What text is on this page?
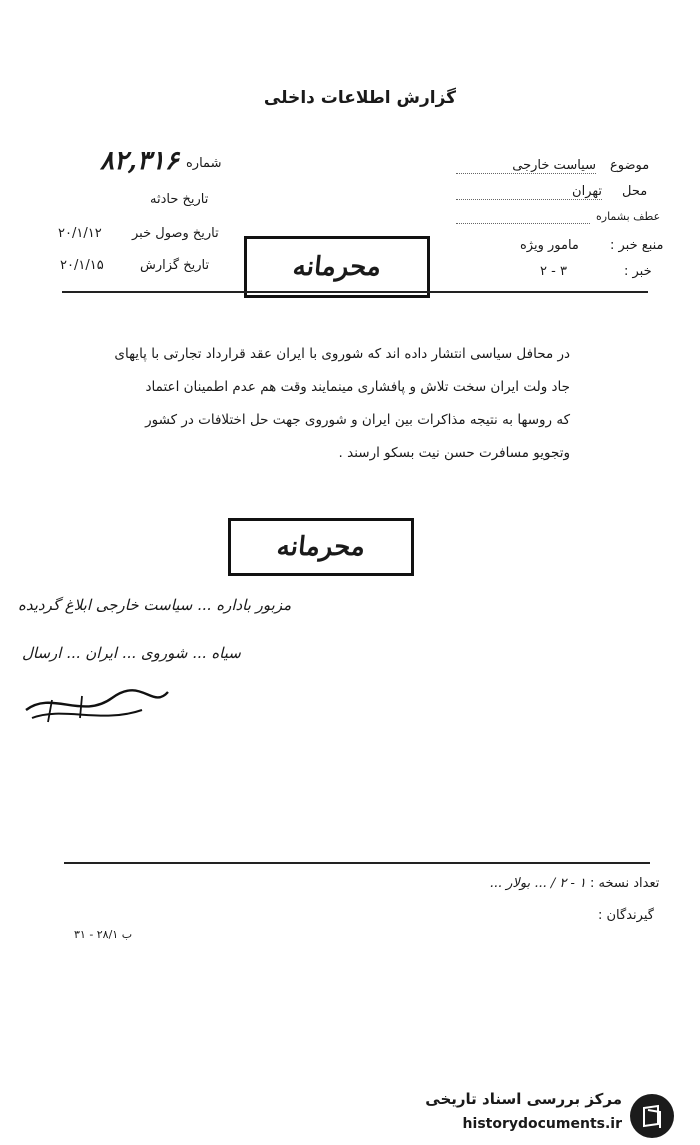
گزارش اطلاعات داخلی
۸۲,۳۱۶ شماره
تاریخ حادثه
۲۰/۱/۱۲ تاریخ وصول خبر
۲۰/۱/۱۵	تاریخ گزارش	محرمانه
موضوع
سیاست خارجی
محل
تهران
عطف بشماره
منبع خبر :
مامور ویژه
خبر :
۲ - ۳

در محافل سیاسی انتشار داده اند که شوروی با ایران عقد قرارداد تجارتی با پایهای

جاد ولت ایران سخت تلاش و پافشاری مینمایند وقت هم عدم اطمینان اعتماد

که روسها به نتیجه مذاکرات بین ایران و شوروی جهت حل اختلافات در کشور

وتجویو مسافرت حسن نیت بسکو ارسند .

محرمانه
مزبور باداره ... سیاست خارجی ابلاغ گردیده
سیاه ... شوروی ... ایران ... ارسال
تعداد نسخه :
۱ - ۲ / ... بولار ...
گیرندگان :
۳۱ - ۲۸/۱ ب
مرکز بررسی اسناد تاریخی
historydocuments.ir
